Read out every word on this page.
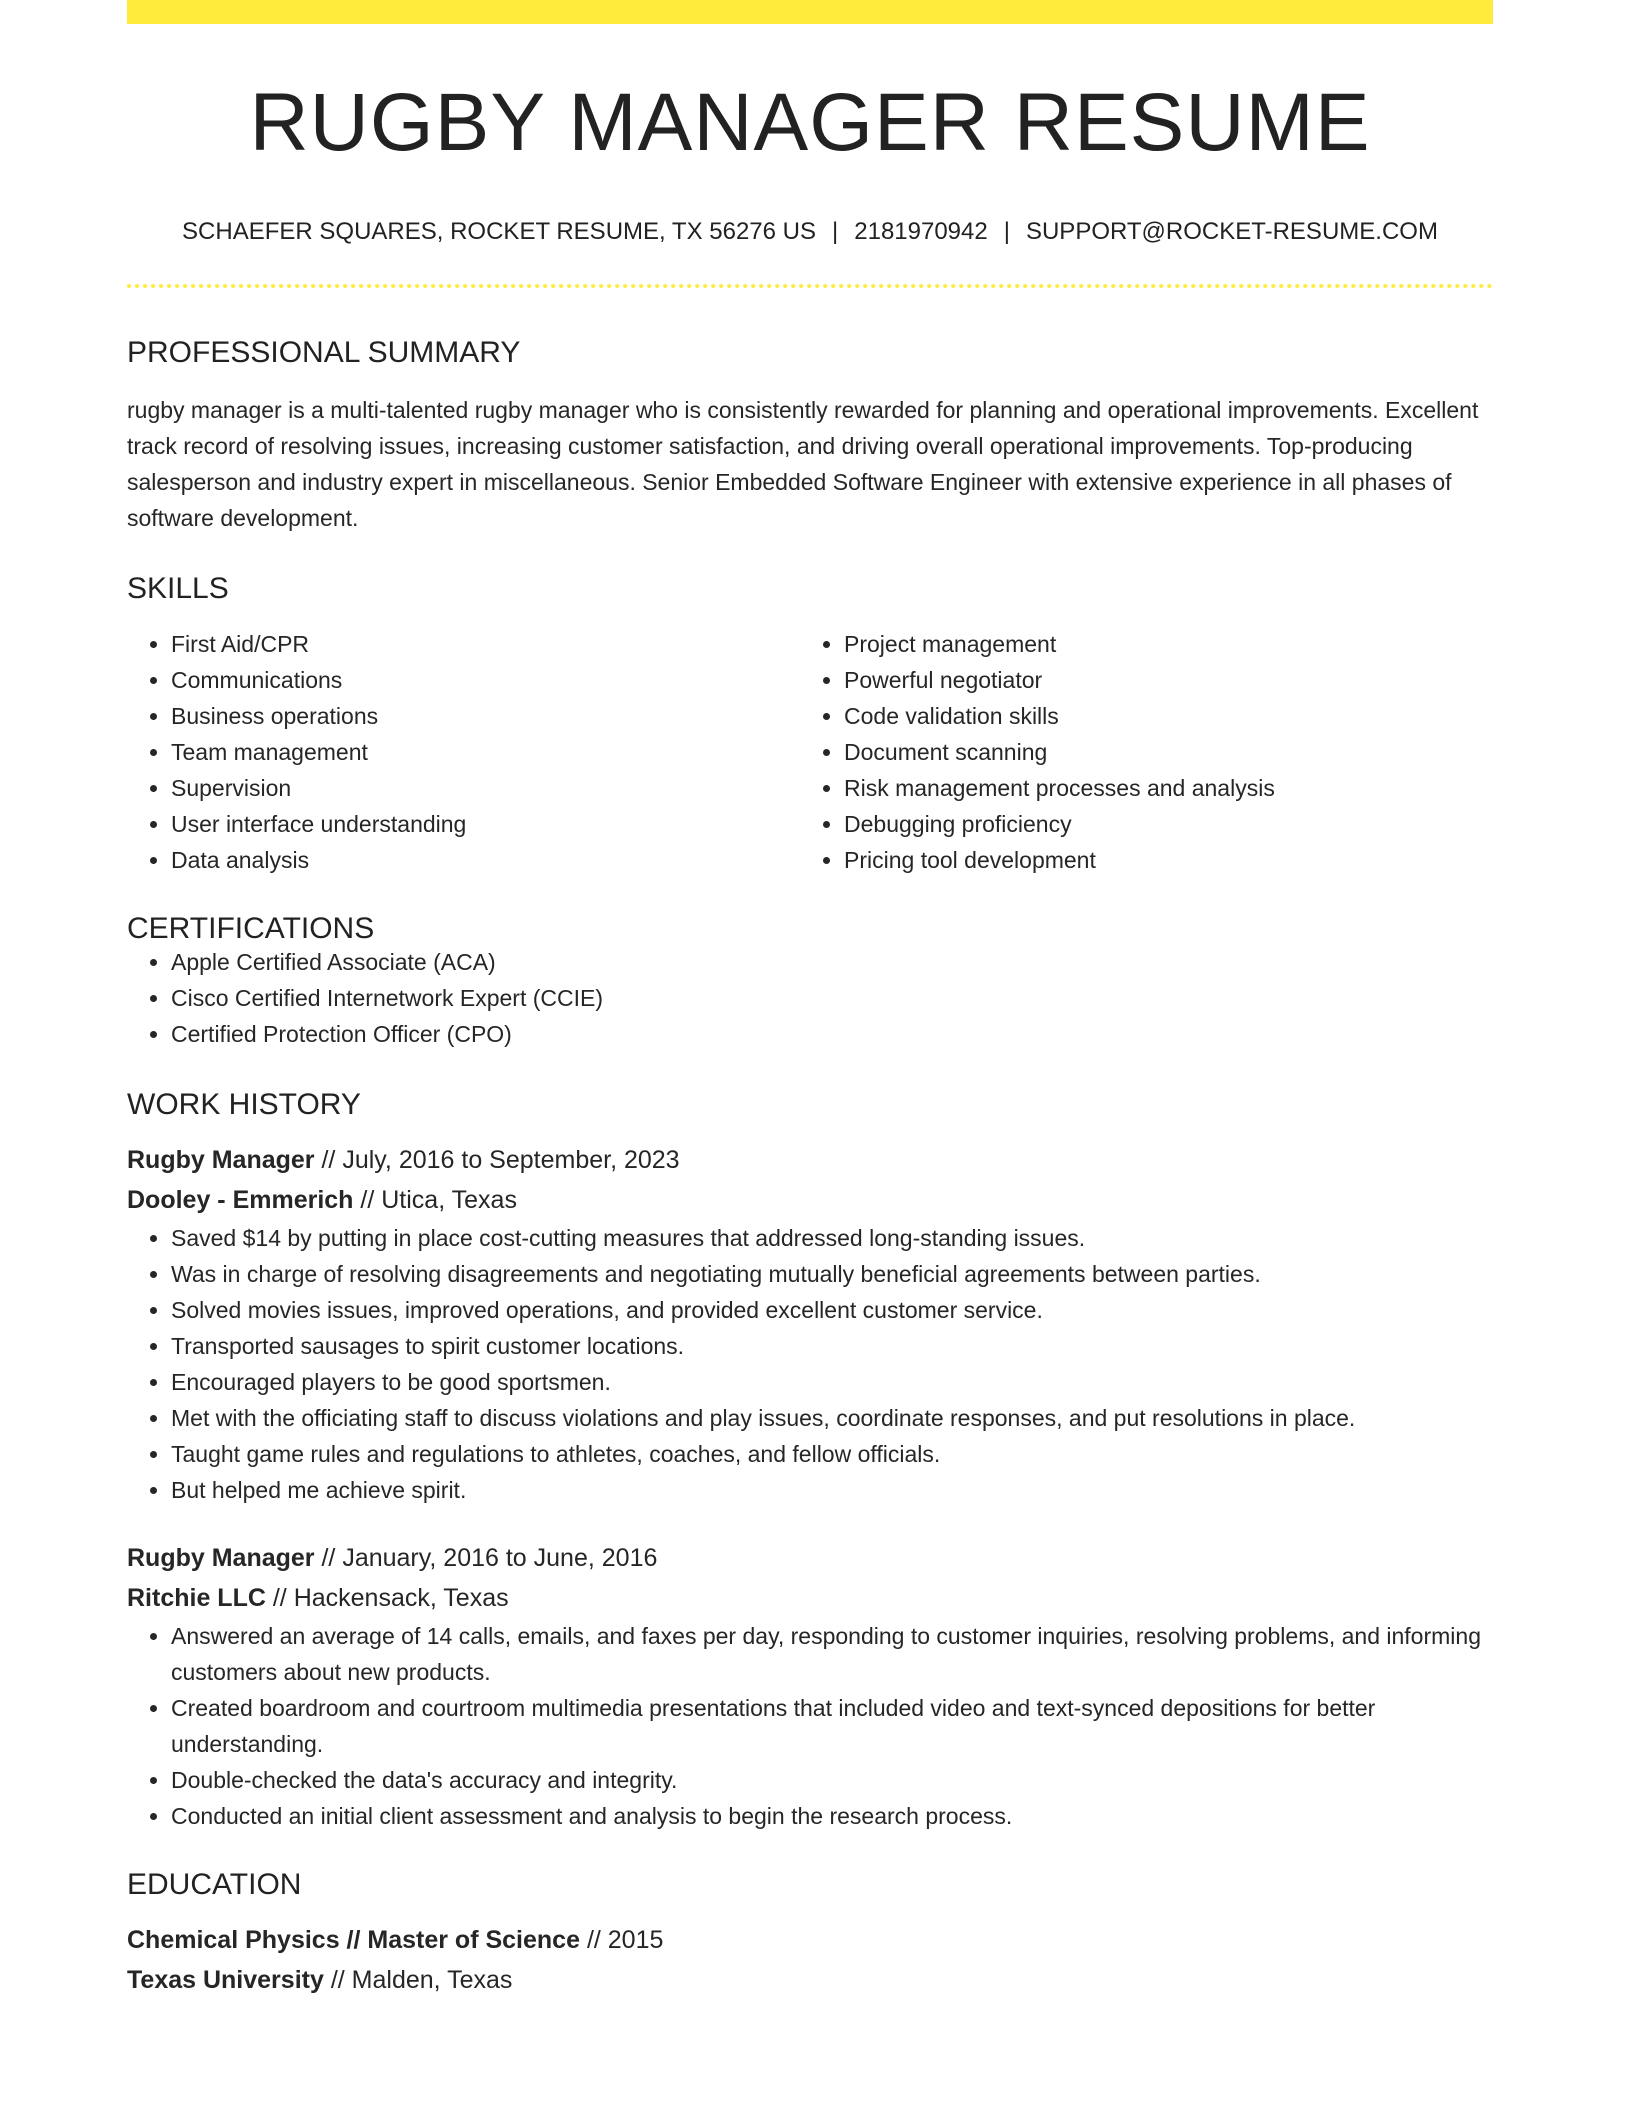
RUGBY MANAGER RESUME
SCHAEFER SQUARES, ROCKET RESUME, TX 56276 US | 2181970942 | SUPPORT@ROCKET-RESUME.COM
PROFESSIONAL SUMMARY
rugby manager is a multi-talented rugby manager who is consistently rewarded for planning and operational improvements. Excellent track record of resolving issues, increasing customer satisfaction, and driving overall operational improvements. Top-producing salesperson and industry expert in miscellaneous. Senior Embedded Software Engineer with extensive experience in all phases of software development.
SKILLS
• First Aid/CPR
• Communications
• Business operations
• Team management
• Supervision
• User interface understanding
• Data analysis
• Project management
• Powerful negotiator
• Code validation skills
• Document scanning
• Risk management processes and analysis
• Debugging proficiency
• Pricing tool development
CERTIFICATIONS
• Apple Certified Associate (ACA)
• Cisco Certified Internetwork Expert (CCIE)
• Certified Protection Officer (CPO)
WORK HISTORY
Rugby Manager // July, 2016 to September, 2023
Dooley - Emmerich // Utica, Texas
• Saved $14 by putting in place cost-cutting measures that addressed long-standing issues.
• Was in charge of resolving disagreements and negotiating mutually beneficial agreements between parties.
• Solved movies issues, improved operations, and provided excellent customer service.
• Transported sausages to spirit customer locations.
• Encouraged players to be good sportsmen.
• Met with the officiating staff to discuss violations and play issues, coordinate responses, and put resolutions in place.
• Taught game rules and regulations to athletes, coaches, and fellow officials.
• But helped me achieve spirit.
Rugby Manager // January, 2016 to June, 2016
Ritchie LLC // Hackensack, Texas
• Answered an average of 14 calls, emails, and faxes per day, responding to customer inquiries, resolving problems, and informing customers about new products.
• Created boardroom and courtroom multimedia presentations that included video and text-synced depositions for better understanding.
• Double-checked the data's accuracy and integrity.
• Conducted an initial client assessment and analysis to begin the research process.
EDUCATION
Chemical Physics // Master of Science // 2015
Texas University // Malden, Texas
